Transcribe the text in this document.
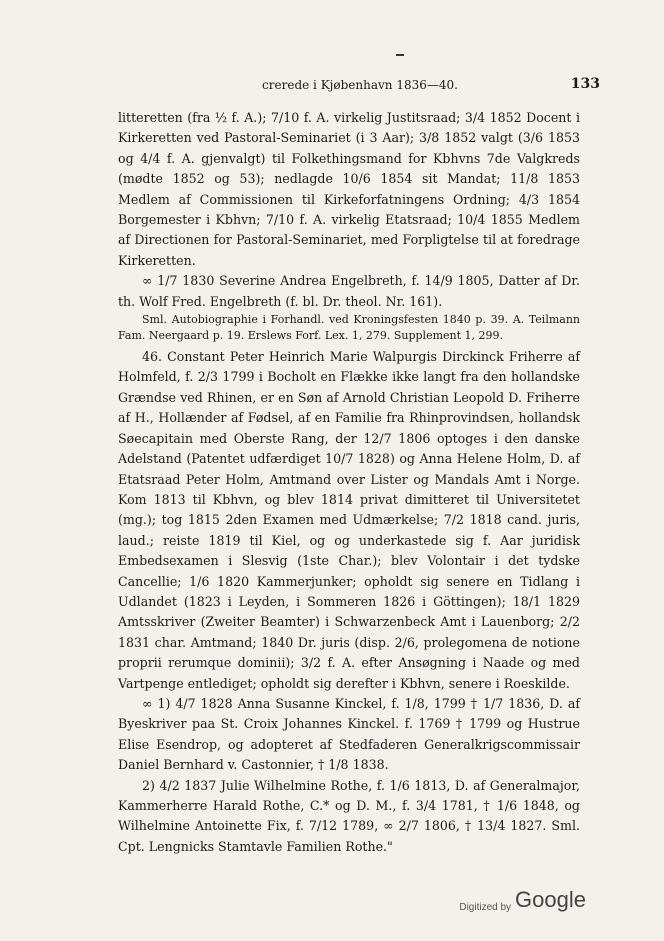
crerede i Kjøbenhavn 1836—40.	133

litteretten (fra ½ f. A.); 7/10 f. A. virkelig Justitsraad; 3/4 1852 Docent i Kirkeretten ved Pastoral-Seminariet (i 3 Aar); 3/8 1852 valgt (3/6 1853 og 4/4 f. A. gjenvalgt) til Folkethingsmand for Kbhvns 7de Valgkreds (mødte 1852 og 53); nedlagde 10/6 1854 sit Mandat; 11/8 1853 Medlem af Commissionen til Kirkeforfatningens Ordning; 4/3 1854 Borgemester i Kbhvn; 7/10 f. A. virkelig Etatsraad; 10/4 1855 Medlem af Directionen for Pastoral-Seminariet, med Forpligtelse til at foredrage Kirkeretten.

∞ 1/7 1830 Severine Andrea Engelbreth, f. 14/9 1805, Datter af Dr. th. Wolf Fred. Engelbreth (f. bl. Dr. theol. Nr. 161).

Sml. Autobiographie i Forhandl. ved Kroningsfesten 1840 p. 39. A. Teilmann Fam. Neergaard p. 19. Erslews Forf. Lex. 1, 279. Supplement 1, 299.

46. Constant Peter Heinrich Marie Walpurgis Dirckinck Friherre af Holmfeld, f. 2/3 1799 i Bocholt en Flække ikke langt fra den hollandske Grændse ved Rhinen, er en Søn af Arnold Christian Leopold D. Friherre af H., Hollænder af Fødsel, af en Familie fra Rhinprovindsen, hollandsk Søecapitain med Oberste Rang, der 12/7 1806 optoges i den danske Adelstand (Patentet udfærdiget 10/7 1828) og Anna Helene Holm, D. af Etatsraad Peter Holm, Amtmand over Lister og Mandals Amt i Norge. Kom 1813 til Kbhvn, og blev 1814 privat dimitteret til Universitetet (mg.); tog 1815 2den Examen med Udmærkelse; 7/2 1818 cand. juris, laud.; reiste 1819 til Kiel, og og underkastede sig f. Aar juridisk Embedsexamen i Slesvig (1ste Char.); blev Volontair i det tydske Cancellie; 1/6 1820 Kammerjunker; opholdt sig senere en Tidlang i Udlandet (1823 i Leyden, i Sommeren 1826 i Göttingen); 18/1 1829 Amtsskriver (Zweiter Beamter) i Schwarzenbeck Amt i Lauenborg; 2/2 1831 char. Amtmand; 1840 Dr. juris (disp. 2/6, prolegomena de notione proprii rerumque dominii); 3/2 f. A. efter Ansøgning i Naade og med Vartpenge entlediget; opholdt sig derefter i Kbhvn, senere i Roeskilde.

∞ 1) 4/7 1828 Anna Susanne Kinckel, f. 1/8, 1799 † 1/7 1836, D. af Byeskriver paa St. Croix Johannes Kinckel. f. 1769 † 1799 og Hustrue Elise Esendrop, og adopteret af Stedfaderen Generalkrigscommissair Daniel Bernhard v. Castonnier, † 1/8 1838.

2) 4/2 1837 Julie Wilhelmine Rothe, f. 1/6 1813, D. af Generalmajor, Kammerherre Harald Rothe, C.* og D. M., f. 3/4 1781, † 1/6 1848, og Wilhelmine Antoinette Fix, f. 7/12 1789, ∞ 2/7 1806, † 13/4 1827. Sml. Cpt. Lengnicks Stamtavle Familien Rothe."

Digitized by Google
